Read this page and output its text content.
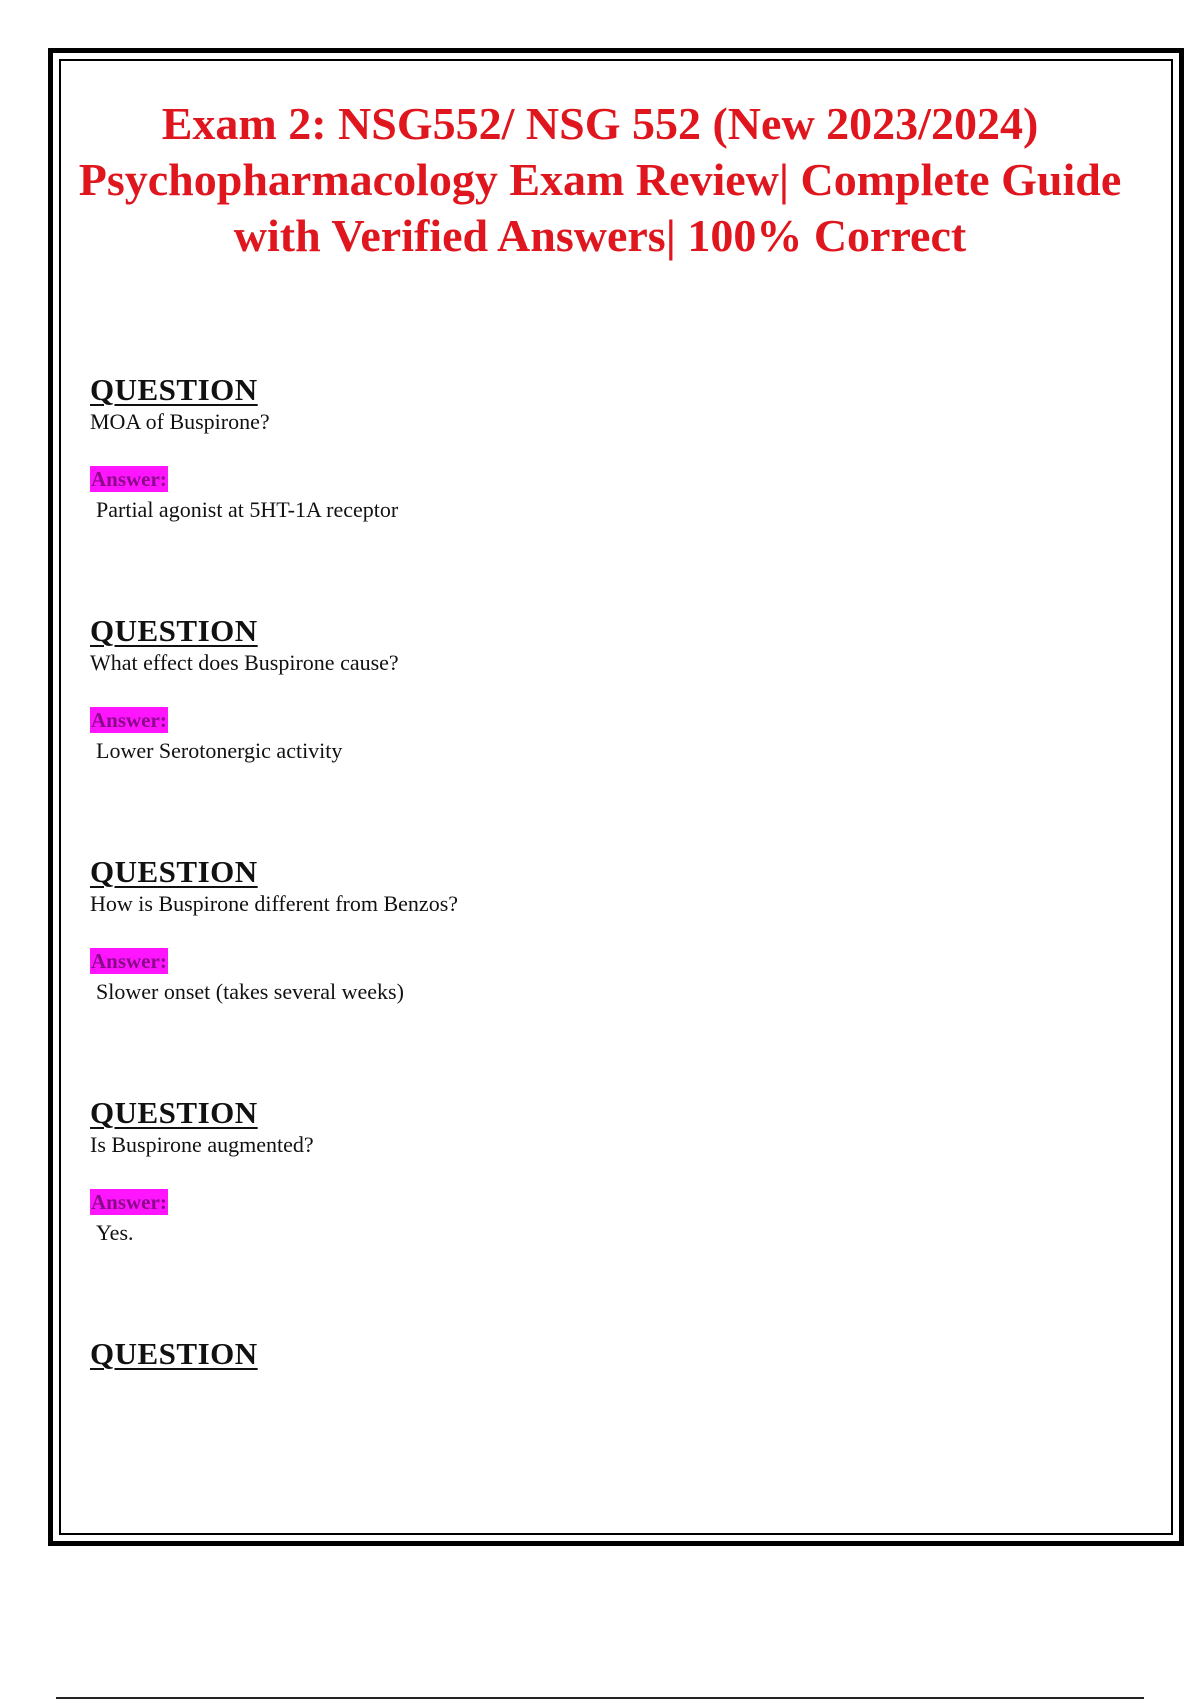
Exam 2: NSG552/ NSG 552 (New 2023/2024) Psychopharmacology Exam Review| Complete Guide with Verified Answers| 100% Correct
QUESTION
MOA of Buspirone?
Answer:
Partial agonist at 5HT-1A receptor
QUESTION
What effect does Buspirone cause?
Answer:
Lower Serotonergic activity
QUESTION
How is Buspirone different from Benzos?
Answer:
Slower onset (takes several weeks)
QUESTION
Is Buspirone augmented?
Answer:
Yes.
QUESTION
